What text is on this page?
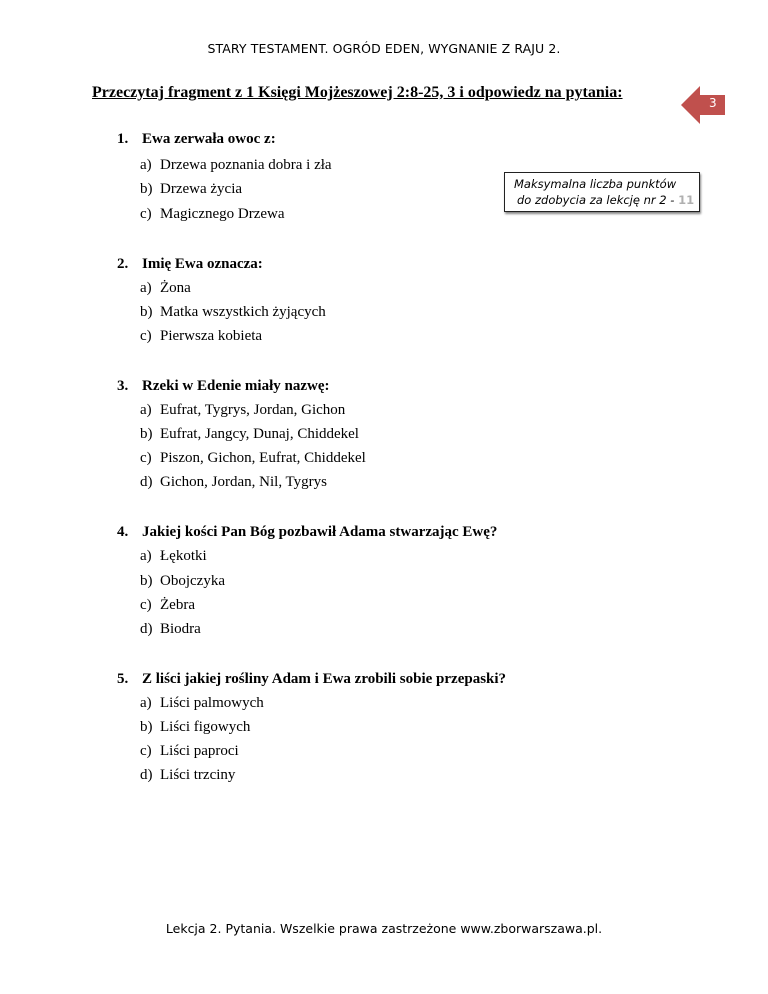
STARY TESTAMENT. OGRÓD EDEN, WYGNANIE Z RAJU 2.
Przeczytaj fragment z 1 Księgi Mojżeszowej 2:8-25, 3 i odpowiedz na pytania:
3
Maksymalna liczba punktów
do zdobycia za lekcję nr 2 - 11
1. Ewa zerwała owoc z:
a) Drzewa poznania dobra i zła
b) Drzewa życia
c) Magicznego Drzewa
2. Imię Ewa oznacza:
a) Żona
b) Matka wszystkich żyjących
c) Pierwsza kobieta
3. Rzeki w Edenie miały nazwę:
a) Eufrat, Tygrys, Jordan, Gichon
b) Eufrat, Jangcy, Dunaj, Chiddekel
c) Piszon, Gichon, Eufrat, Chiddekel
d) Gichon, Jordan, Nil, Tygrys
4. Jakiej kości Pan Bóg pozbawił Adama stwarzając Ewę?
a) Łękotki
b) Obojczyka
c) Żebra
d) Biodra
5. Z liści jakiej rośliny Adam i Ewa zrobili sobie przepaski?
a) Liści palmowych
b) Liści figowych
c) Liści paproci
d) Liści trzciny
Lekcja 2. Pytania. Wszelkie prawa zastrzeżone www.zborwarszawa.pl.
